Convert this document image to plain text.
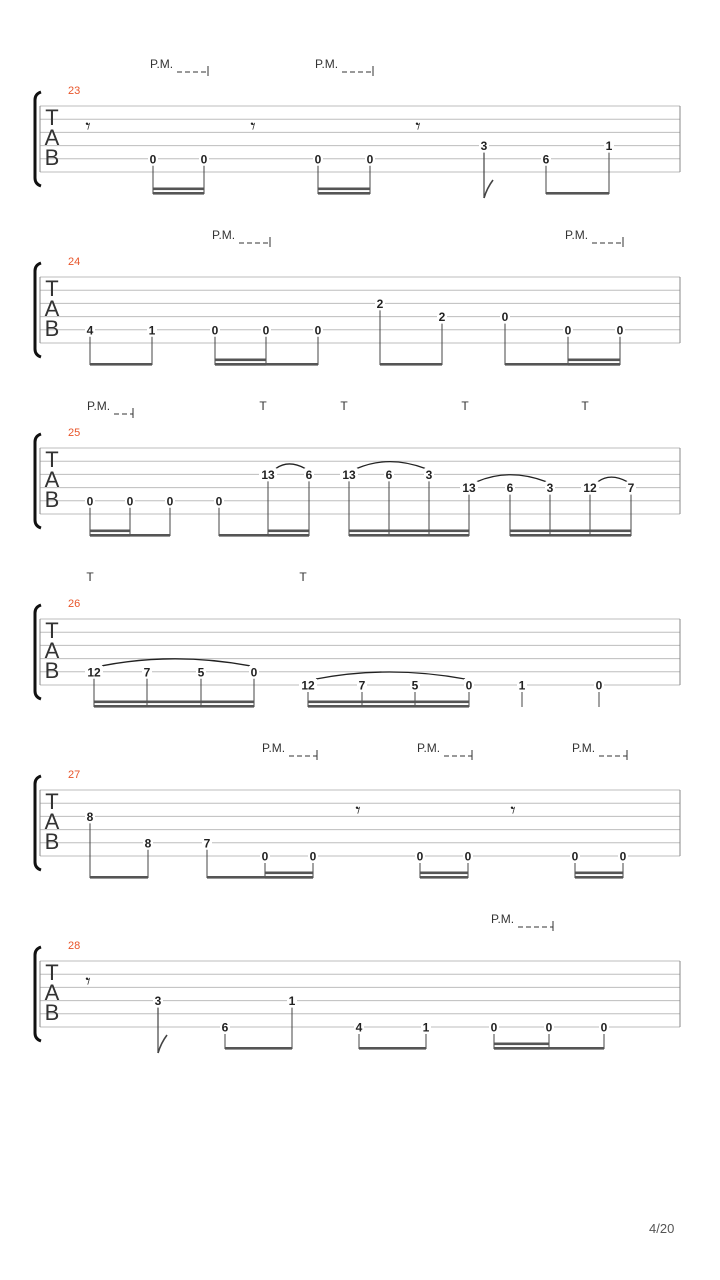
T
A
B
23
P.M.	P.M.
𝄾	𝄾	𝄾
0	0	0	0
3
6
1
T
A
B
24
P.M.	P.M.
4	1	0	0	0
2
2	0
0	0
T
A
B
25
P.M.	T	T	T	T
0	0	0	0
13	6 13 6	3
13	6	3 12	7
T
A
B
26
T	T
12	7	5	0
12	7	5	0	1	0
T
A
B
27
P.M.	P.M.	P.M.
𝄾	𝄾
8
8	7
0	0	0	0	0	0
T
A
B
28
P.M.
𝄾
3
6
1
4	1	0	0	0
4/20
